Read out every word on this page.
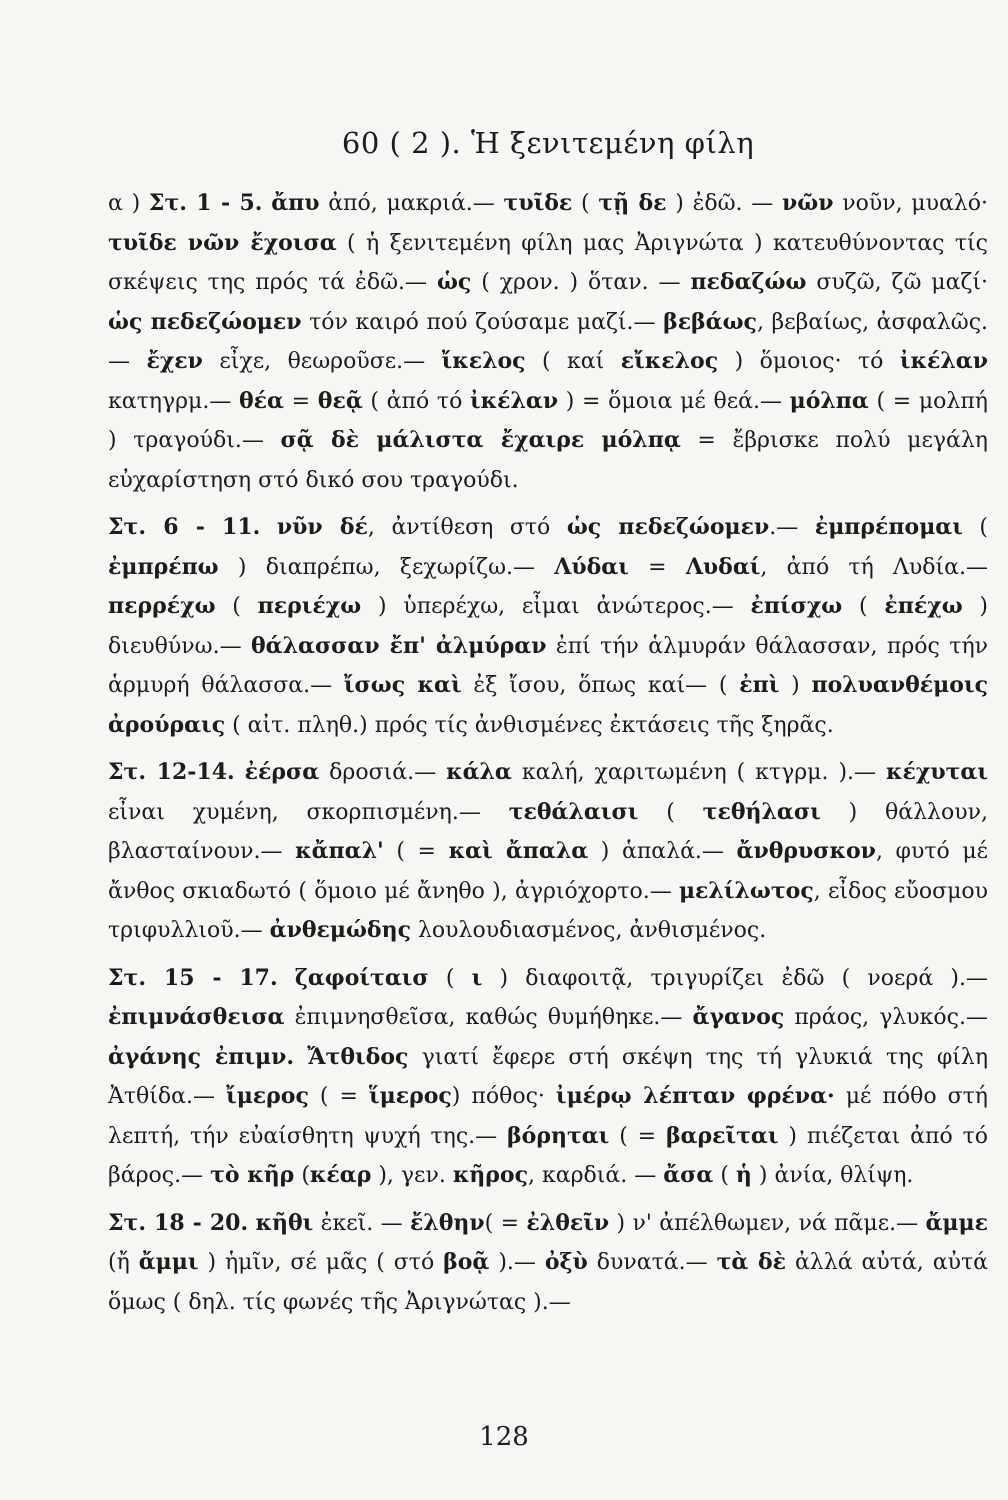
60 ( 2 ). Ἡ ξενιτεμένη φίλη

α ) Στ. 1 - 5. ἄπυ ἀπό, μακριά.— τυῖδε ( τῇ δε ) ἐδῶ. — νῶν νοῦν, μυαλό· τυῖδε νῶν ἔχοισα ( ἡ ξενιτεμένη φίλη μας Ἀριγνώτα ) κατευθύνοντας τίς σκέψεις της πρός τά ἐδῶ.— ὡς ( χρον. ) ὅταν. — πεδαζώω συζῶ, ζῶ μαζί· ὡς πεδεζώομεν τόν καιρό πού ζούσαμε μαζί.— βεβάως, βεβαίως, ἀσφαλῶς.— ἔχεν εἶχε, θεωροῦσε.— ἴκελος ( καί εἴκελος ) ὅμοιος· τό ἰκέλαν κατηγρμ.— θέα = θεᾷ ( ἀπό τό ἰκέλαν ) = ὅμοια μέ θεά.— μόλπα ( = μολπή ) τραγούδι.— σᾷ δὲ μάλιστα ἔχαιρε μόλπᾳ = ἔβρισκε πολύ μεγάλη εὐχαρίστηση στό δικό σου τραγούδι.

Στ. 6 - 11. νῦν δέ, ἀντίθεση στό ὡς πεδεζώομεν.— ἐμπρέπομαι ( ἐμπρέπω ) διαπρέπω, ξεχωρίζω.— Λύδαι = Λυδαί, ἀπό τή Λυδία.— περρέχω ( περιέχω ) ὑπερέχω, εἶμαι ἀνώτερος.— ἐπίσχω ( ἐπέχω ) διευθύνω.— θάλασσαν ἔπ' ἀλμύραν ἐπί τήν ἁλμυράν θάλασσαν, πρός τήν ἁρμυρή θάλασσα.— ἴσως καὶ ἐξ ἴσου, ὅπως καί— ( ἐπὶ ) πολυανθέμοις ἀρούραις ( αἰτ. πληθ.) πρός τίς ἀνθισμένες ἐκτάσεις τῆς ξηρᾶς.

Στ. 12-14. ἐέρσα δροσιά.— κάλα καλή, χαριτωμένη ( κτγρμ. ).— κέχυται εἶναι χυμένη, σκορπισμένη.— τεθάλαισι ( τεθήλασι ) θάλλουν, βλασταίνουν.— κἄπαλ' ( = καὶ ἄπαλα ) ἁπαλά.— ἄνθρυσκον, φυτό μέ ἄνθος σκιαδωτό ( ὅμοιο μέ ἄνηθο ), ἀγριόχορτο.— μελίλωτος, εἶδος εὔοσμου τριφυλλιοῦ.— ἀνθεμώδης λουλουδιασμένος, ἀνθισμένος.

Στ. 15 - 17. ζαφοίταισ ( ι ) διαφοιτᾷ, τριγυρίζει ἐδῶ ( νοερά ).— ἐπιμνάσθεισα ἐπιμνησθεῖσα, καθώς θυμήθηκε.— ἄγανος πράος, γλυκός.— ἀγάνης ἐπιμν. Ἄτθιδος γιατί ἔφερε στή σκέψη της τή γλυκιά της φίλη Ἀτθίδα.— ἴμερος ( = ἵμερος) πόθος· ἰμέρῳ λέπταν φρένα· μέ πόθο στή λεπτή, τήν εὐαίσθητη ψυχή της.— βόρηται ( = βαρεῖται ) πιέζεται ἀπό τό βάρος.— τὸ κῆρ (κέαρ ), γεν. κῆρος, καρδιά. — ἄσα ( ἡ ) ἀνία, θλίψη.

Στ. 18 - 20. κῆθι ἐκεῖ. — ἔλθην( = ἐλθεῖν ) ν' ἀπέλθωμεν, νά πᾶμε.— ἄμμε (ἤ ἄμμι ) ἡμῖν, σέ μᾶς ( στό βοᾷ ).— ὀξὺ δυνατά.— τὰ δὲ ἀλλά αὐτά, αὐτά ὅμως ( δηλ. τίς φωνές τῆς Ἀριγνώτας ).—

128
